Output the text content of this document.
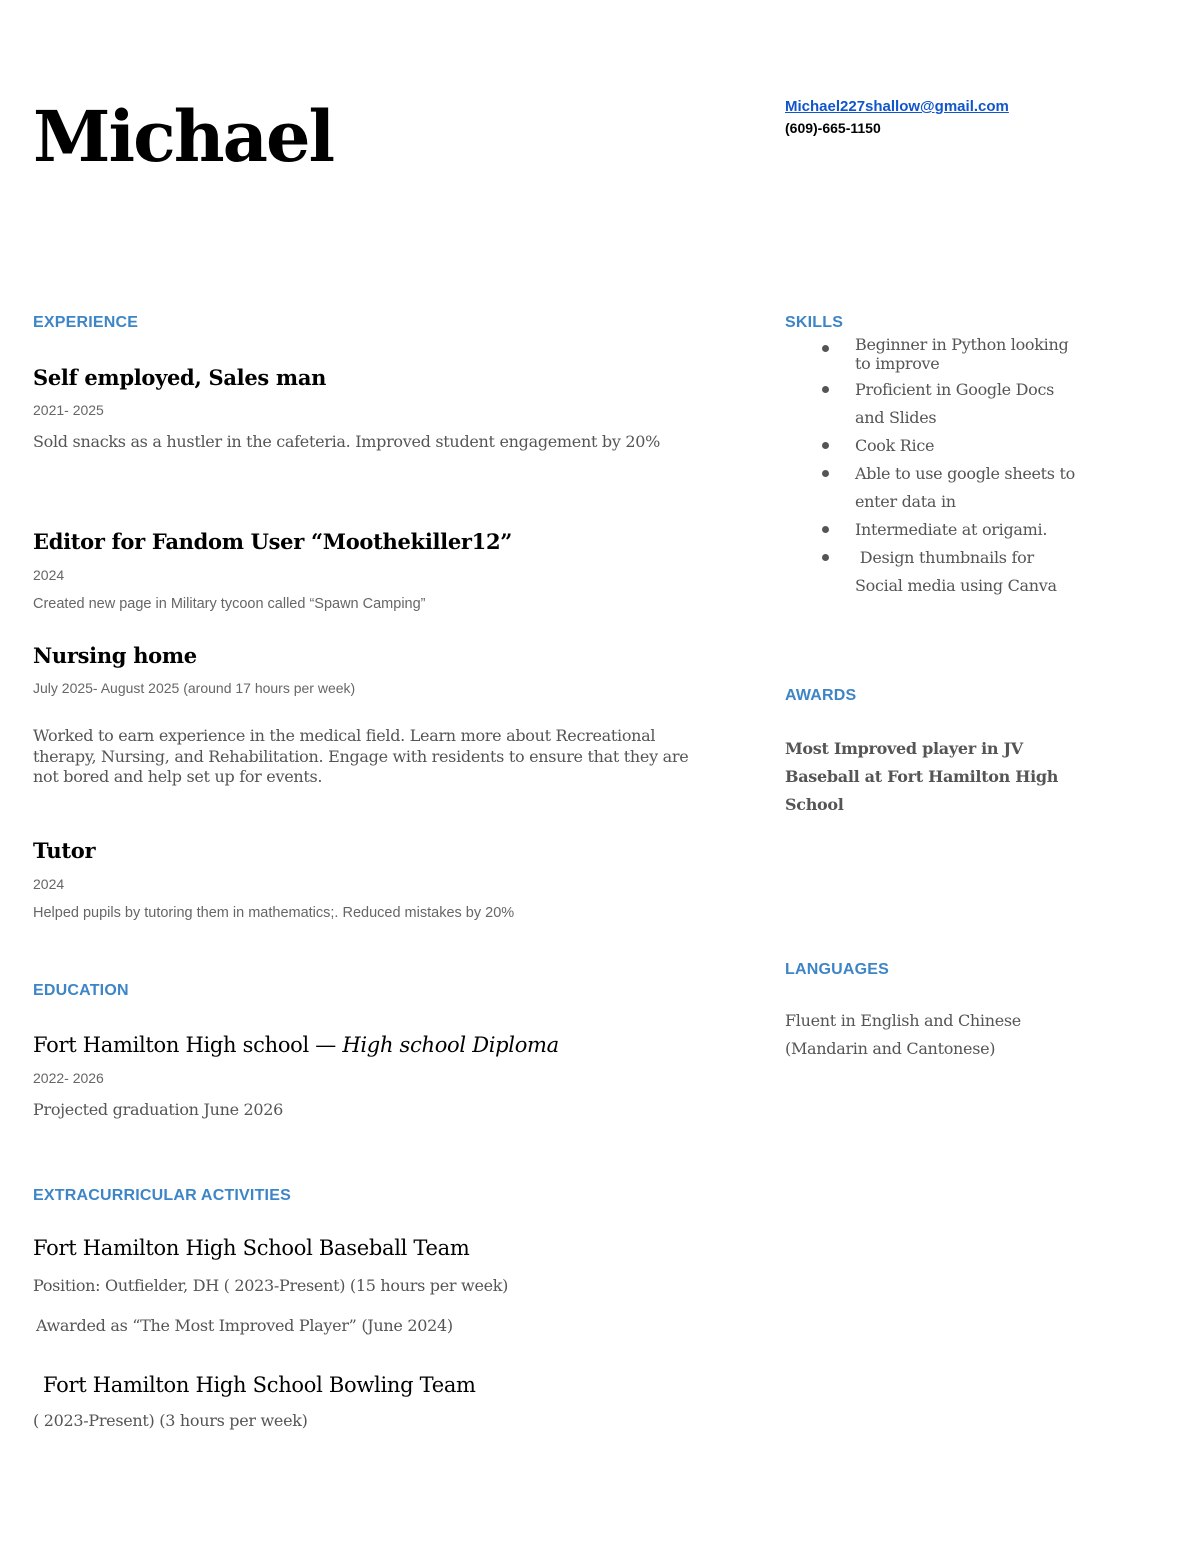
Michael	Michael227shallow@gmail.com
(609)-665-1150
EXPERIENCE
Self employed, Sales man
2021- 2025
Sold snacks as a hustler in the cafeteria. Improved student engagement by 20%
Editor for Fandom User “Moothekiller12”
2024
Created new page in Military tycoon called “Spawn Camping”
Nursing home
July 2025- August 2025 (around 17 hours per week)
Worked to earn experience in the medical field. Learn more about Recreational therapy, Nursing, and Rehabilitation. Engage with residents to ensure that they are not bored and help set up for events.
Tutor
2024
Helped pupils by tutoring them in mathematics;. Reduced mistakes by 20%
EDUCATION
Fort Hamilton High school — High school Diploma
2022- 2026
Projected graduation June 2026
EXTRACURRICULAR ACTIVITIES
Fort Hamilton High School Baseball Team
Position: Outfielder, DH ( 2023-Present) (15 hours per week)
Awarded as “The Most Improved Player” (June 2024)
Fort Hamilton High School Bowling Team
( 2023-Present) (3 hours per week)
SKILLS
Beginner in Python looking to improve
Proficient in Google Docs and Slides
Cook Rice
Able to use google sheets to enter data in
Intermediate at origami.
Design thumbnails for Social media using Canva
AWARDS
Most Improved player in JV Baseball at Fort Hamilton High School
LANGUAGES
Fluent in English and Chinese (Mandarin and Cantonese)
